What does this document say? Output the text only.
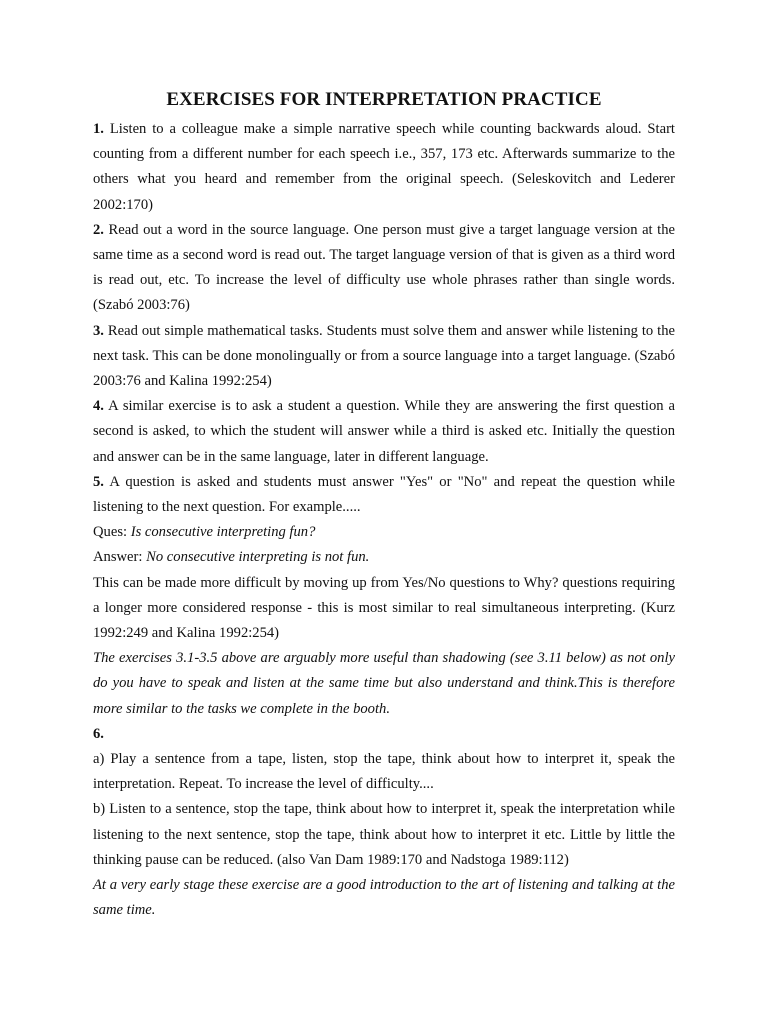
EXERCISES FOR INTERPRETATION PRACTICE

1. Listen to a colleague make a simple narrative speech while counting backwards aloud. Start counting from a different number for each speech i.e., 357, 173 etc. Afterwards summarize to the others what you heard and remember from the original speech. (Seleskovitch and Lederer 2002:170)

2. Read out a word in the source language. One person must give a target language version at the same time as a second word is read out. The target language version of that is given as a third word is read out, etc. To increase the level of difficulty use whole phrases rather than single words. (Szabó 2003:76)

3. Read out simple mathematical tasks. Students must solve them and answer while listening to the next task. This can be done monolingually or from a source language into a target language. (Szabó 2003:76 and Kalina 1992:254)

4. A similar exercise is to ask a student a question. While they are answering the first question a second is asked, to which the student will answer while a third is asked etc. Initially the question and answer can be in the same language, later in different language.

5. A question is asked and students must answer "Yes" or "No" and repeat the question while listening to the next question. For example.....

Ques: Is consecutive interpreting fun?

Answer: No consecutive interpreting is not fun.

This can be made more difficult by moving up from Yes/No questions to Why? questions requiring a longer more considered response - this is most similar to real simultaneous interpreting. (Kurz 1992:249 and Kalina 1992:254)

The exercises 3.1-3.5 above are arguably more useful than shadowing (see 3.11 below) as not only do you have to speak and listen at the same time but also understand and think.This is therefore more similar to the tasks we complete in the booth.

6.

a) Play a sentence from a tape, listen, stop the tape, think about how to interpret it, speak the interpretation. Repeat. To increase the level of difficulty....

b) Listen to a sentence, stop the tape, think about how to interpret it, speak the interpretation while listening to the next sentence, stop the tape, think about how to interpret it etc. Little by little the thinking pause can be reduced. (also Van Dam 1989:170 and Nadstoga 1989:112)

At a very early stage these exercise are a good introduction to the art of listening and talking at the same time.
